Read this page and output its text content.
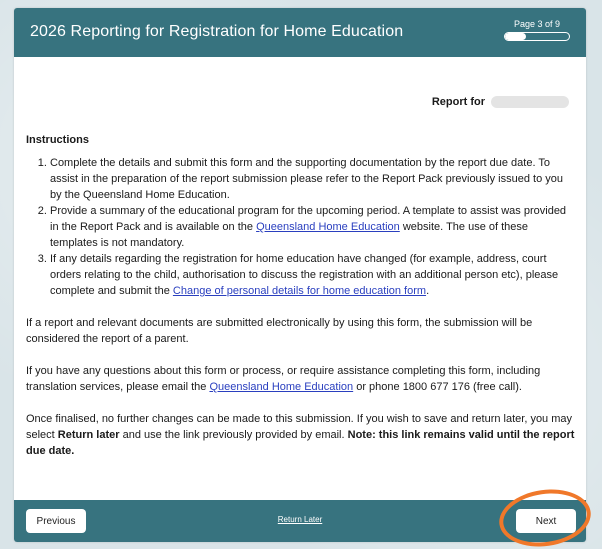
2026 Reporting for Registration for Home Education	Page 3 of 9
Report for
Instructions
1. Complete the details and submit this form and the supporting documentation by the report due date. To assist in the preparation of the report submission please refer to the Report Pack previously issued to you by the Queensland Home Education.
2. Provide a summary of the educational program for the upcoming period. A template to assist was provided in the Report Pack and is available on the Queensland Home Education website. The use of these templates is not mandatory.
3. If any details regarding the registration for home education have changed (for example, address, court orders relating to the child, authorisation to discuss the registration with an additional person etc), please complete and submit the Change of personal details for home education form.

If a report and relevant documents are submitted electronically by using this form, the submission will be considered the report of a parent.

If you have any questions about this form or process, or require assistance completing this form, including translation services, please email the Queensland Home Education or phone 1800 677 176 (free call).

Once finalised, no further changes can be made to this submission. If you wish to save and return later, you may select Return later and use the link previously provided by email. Note: this link remains valid until the report due date.

Previous	Return Later	Next
